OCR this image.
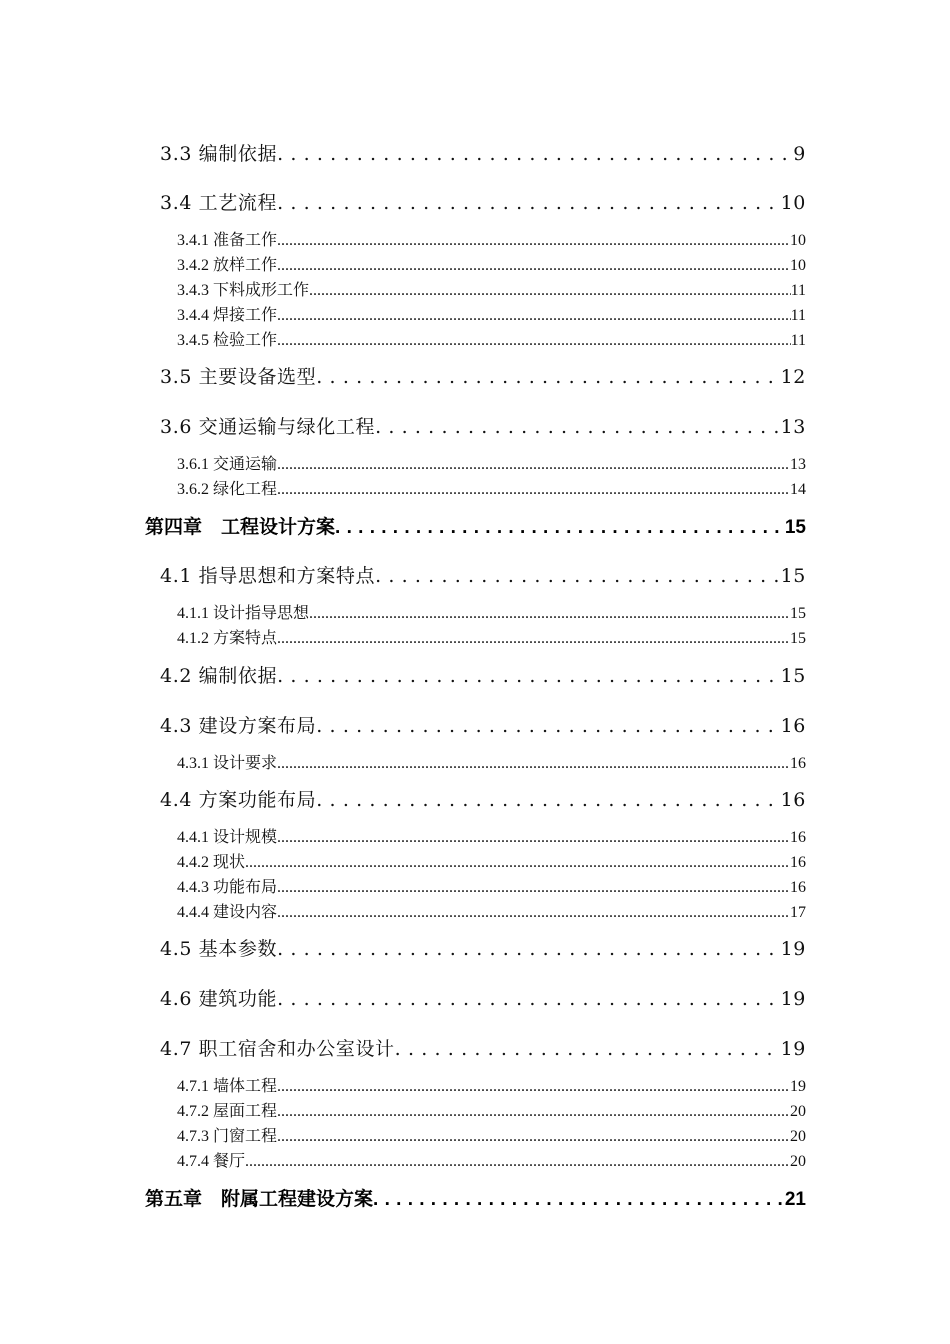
3.3 编制依据 . . .	9
3.4 工艺流程 . . .	10
3.4.1 准备工作 .....	10
3.4.2 放样工作 .....	10
3.4.3 下料成形工作 .....	11
3.4.4 焊接工作 .....	11
3.4.5 检验工作 .....	11
3.5 主要设备选型 . . .	12
3.6 交通运输与绿化工程 . . .	13
3.6.1 交通运输 .....	13
3.6.2 绿化工程 .....	14
第四章　工程设计方案 . . .	15
4.1 指导思想和方案特点 . . .	15
4.1.1 设计指导思想 .....	15
4.1.2 方案特点 .....	15
4.2 编制依据 . . .	15
4.3 建设方案布局 . . .	16
4.3.1 设计要求 .....	16
4.4 方案功能布局 . . .	16
4.4.1 设计规模 .....	16
4.4.2 现状 .....	16
4.4.3 功能布局 .....	16
4.4.4 建设内容 .....	17
4.5 基本参数 . . .	19
4.6 建筑功能 . . .	19
4.7 职工宿舍和办公室设计 . . .	19
4.7.1 墙体工程 .....	19
4.7.2 屋面工程 .....	20
4.7.3 门窗工程 .....	20
4.7.4 餐厅 .....	20
第五章　附属工程建设方案 . . .	21
